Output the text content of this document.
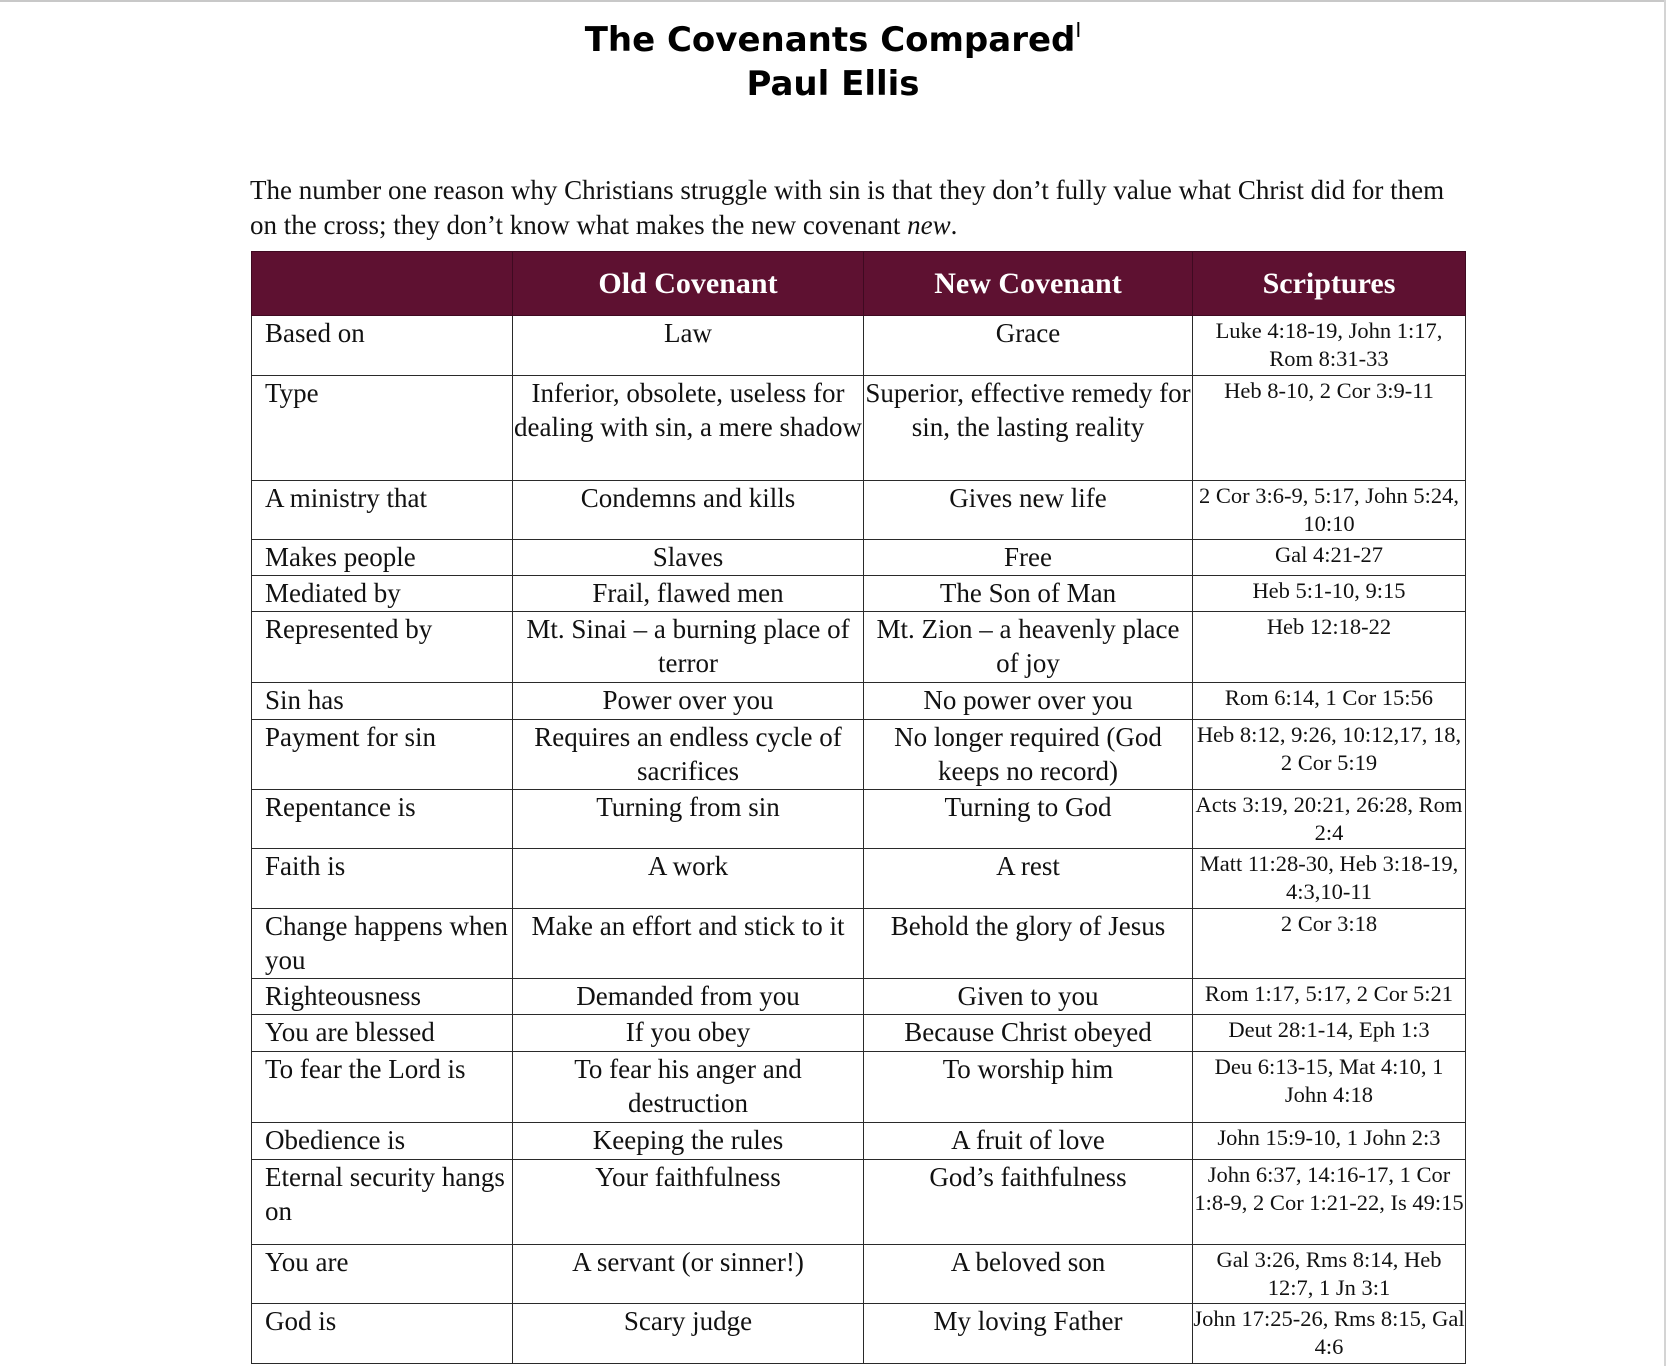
The Covenants Compared$^I$
Paul Ellis

The number one reason why Christians struggle with sin is that they don’t fully value what Christ did for them on the cross; they don’t know what makes the new covenant new.

	Old Covenant	New Covenant	Scriptures
Based on	Law	Grace	Luke 4:18-19, John 1:17, Rom 8:31-33
Type	Inferior, obsolete, useless for dealing with sin, a mere shadow	Superior, effective remedy for sin, the lasting reality	Heb 8-10, 2 Cor 3:9-11
A ministry that	Condemns and kills	Gives new life	2 Cor 3:6-9, 5:17, John 5:24, 10:10
Makes people	Slaves	Free	Gal 4:21-27
Mediated by	Frail, flawed men	The Son of Man	Heb 5:1-10, 9:15
Represented by	Mt. Sinai – a burning place of terror	Mt. Zion – a heavenly place of joy	Heb 12:18-22
Sin has	Power over you	No power over you	Rom 6:14, 1 Cor 15:56
Payment for sin	Requires an endless cycle of sacrifices	No longer required (God keeps no record)	Heb 8:12, 9:26, 10:12,17, 18, 2 Cor 5:19
Repentance is	Turning from sin	Turning to God	Acts 3:19, 20:21, 26:28, Rom 2:4
Faith is	A work	A rest	Matt 11:28-30, Heb 3:18-19, 4:3,10-11
Change happens when you	Make an effort and stick to it	Behold the glory of Jesus	2 Cor 3:18
Righteousness	Demanded from you	Given to you	Rom 1:17, 5:17, 2 Cor 5:21
You are blessed	If you obey	Because Christ obeyed	Deut 28:1-14, Eph 1:3
To fear the Lord is	To fear his anger and destruction	To worship him	Deu 6:13-15, Mat 4:10, 1 John 4:18
Obedience is	Keeping the rules	A fruit of love	John 15:9-10, 1 John 2:3
Eternal security hangs on	Your faithfulness	God’s faithfulness	John 6:37, 14:16-17, 1 Cor 1:8-9, 2 Cor 1:21-22, Is 49:15
You are	A servant (or sinner!)	A beloved son	Gal 3:26, Rms 8:14, Heb 12:7, 1 Jn 3:1
God is	Scary judge	My loving Father	John 17:25-26, Rms 8:15, Gal 4:6
